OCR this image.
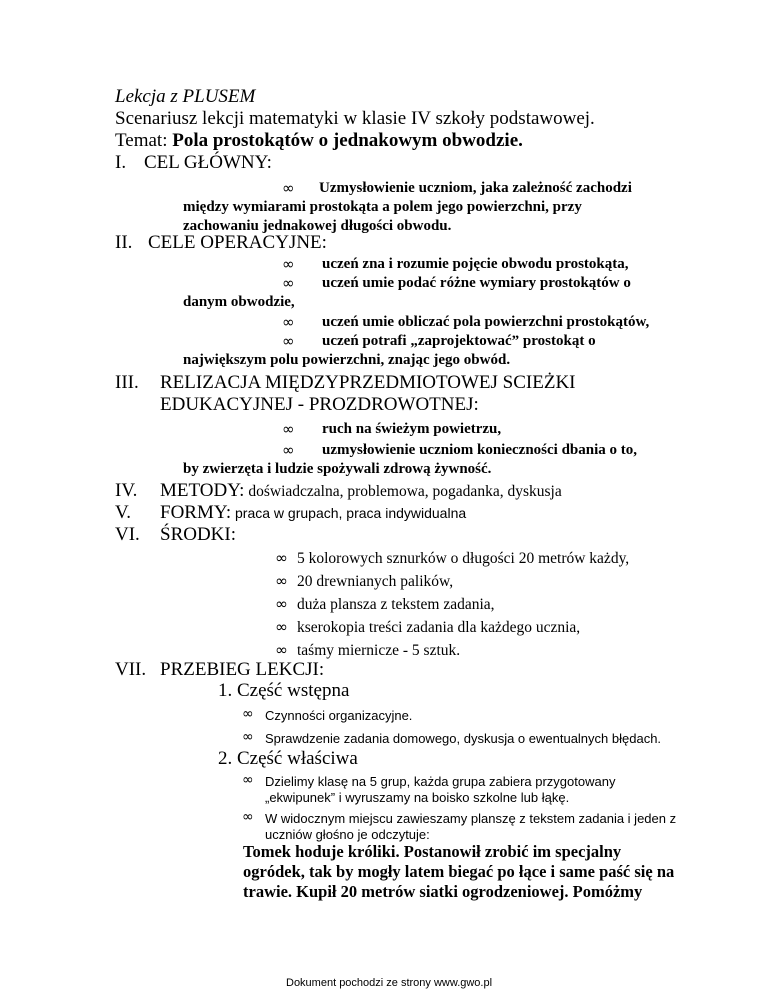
Lekcja z PLUSEM
Scenariusz lekcji matematyki w klasie IV szkoły podstawowej.
Temat: Pola prostokątów o jednakowym obwodzie.
I. CEL GŁÓWNY:
∞ Uzmysłowienie uczniom, jaka zależność zachodzi
między wymiarami prostokąta a polem jego powierzchni, przy
zachowaniu jednakowej długości obwodu.
II. CELE OPERACYJNE:
∞ uczeń zna i rozumie pojęcie obwodu prostokąta,
∞ uczeń umie podać różne wymiary prostokątów o
danym obwodzie,
∞ uczeń umie obliczać pola powierzchni prostokątów,
∞ uczeń potrafi „zaprojektować” prostokąt o
największym polu powierzchni, znając jego obwód.
III. RELIZACJA MIĘDZYPRZEDMIOTOWEJ SCIEŻKI
EDUKACYJNEJ - PROZDROWOTNEJ:
∞ ruch na świeżym powietrzu,
∞ uzmysłowienie uczniom konieczności dbania o to,
by zwierzęta i ludzie spożywali zdrową żywność.
IV. METODY: doświadczalna, problemowa, pogadanka, dyskusja
V. FORMY: praca w grupach, praca indywidualna
VI. ŚRODKI:
∞ 5 kolorowych sznurków o długości 20 metrów każdy,
∞ 20 drewnianych palików,
∞ duża plansza z tekstem zadania,
∞ kserokopia treści zadania dla każdego ucznia,
∞ taśmy miernicze - 5 sztuk.
VII. PRZEBIEG LEKCJI:
1. Część wstępna
∞ Czynności organizacyjne.
∞ Sprawdzenie zadania domowego, dyskusja o ewentualnych błędach.
2. Część właściwa
∞ Dzielimy klasę na 5 grup, każda grupa zabiera przygotowany
„ekwipunek” i wyruszamy na boisko szkolne lub łąkę.
∞ W widocznym miejscu zawieszamy planszę z tekstem zadania i jeden z
uczniów głośno je odczytuje:
Tomek hoduje króliki. Postanowił zrobić im specjalny
ogródek, tak by mogły latem biegać po łące i same paść się na
trawie. Kupił 20 metrów siatki ogrodzeniowej. Pomóżmy
Dokument pochodzi ze strony www.gwo.pl
